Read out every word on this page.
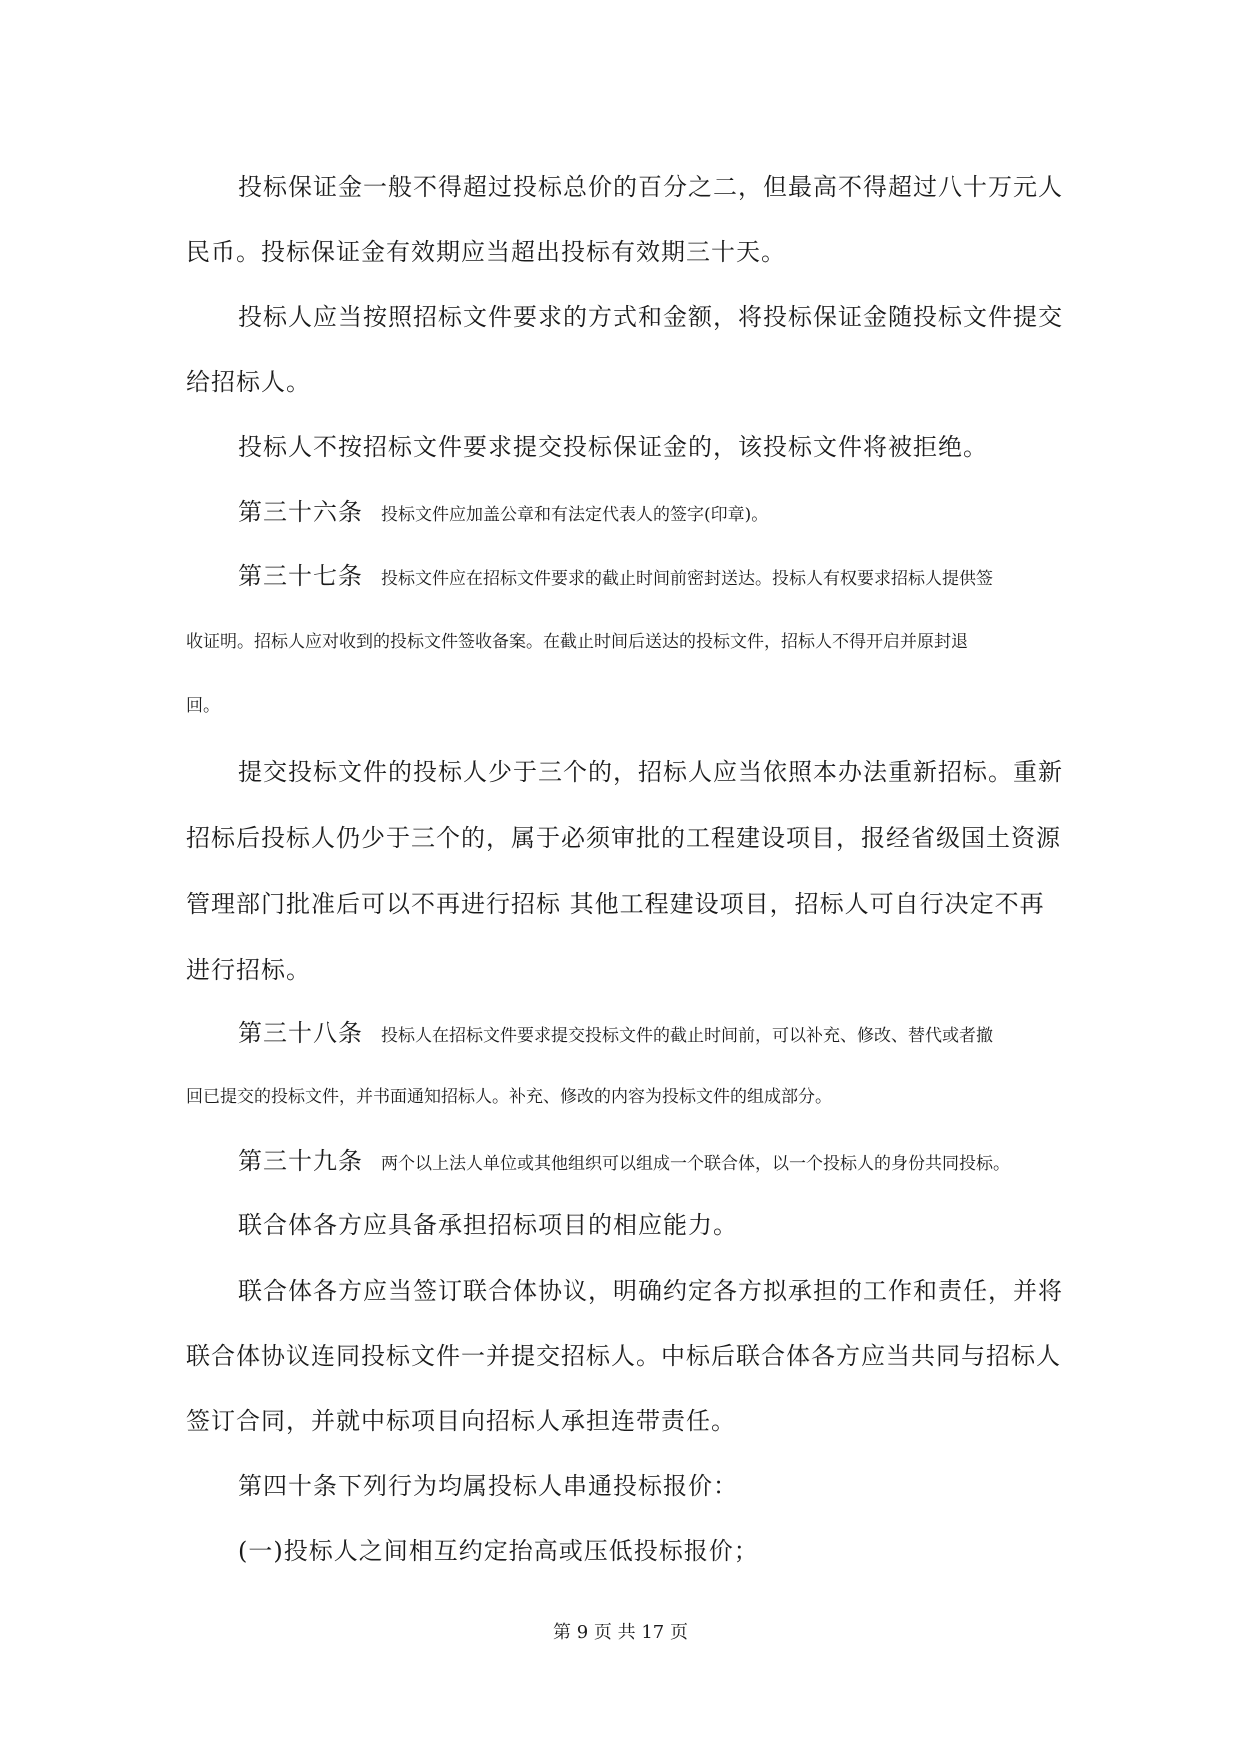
投标保证金一般不得超过投标总价的百分之二，但最高不得超过八十万元人
民币。投标保证金有效期应当超出投标有效期三十天。
投标人应当按照招标文件要求的方式和金额，将投标保证金随投标文件提交
给招标人。
投标人不按招标文件要求提交投标保证金的，该投标文件将被拒绝。
第三十六条 投标文件应加盖公章和有法定代表人的签字(印章)。
第三十七条 投标文件应在招标文件要求的截止时间前密封送达。投标人有权要求招标人提供签
收证明。招标人应对收到的投标文件签收备案。在截止时间后送达的投标文件，招标人不得开启并原封退
回。
提交投标文件的投标人少于三个的，招标人应当依照本办法重新招标。重新
招标后投标人仍少于三个的，属于必须审批的工程建设项目，报经省级国土资源
管理部门批准后可以不再进行招标 其他工程建设项目，招标人可自行决定不再
进行招标。
第三十八条 投标人在招标文件要求提交投标文件的截止时间前，可以补充、修改、替代或者撤
回已提交的投标文件，并书面通知招标人。补充、修改的内容为投标文件的组成部分。
第三十九条 两个以上法人单位或其他组织可以组成一个联合体，以一个投标人的身份共同投标。
联合体各方应具备承担招标项目的相应能力。
联合体各方应当签订联合体协议，明确约定各方拟承担的工作和责任，并将
联合体协议连同投标文件一并提交招标人。中标后联合体各方应当共同与招标人
签订合同，并就中标项目向招标人承担连带责任。
第四十条下列行为均属投标人串通投标报价：
(一)投标人之间相互约定抬高或压低投标报价；
第 9 页 共 17 页
